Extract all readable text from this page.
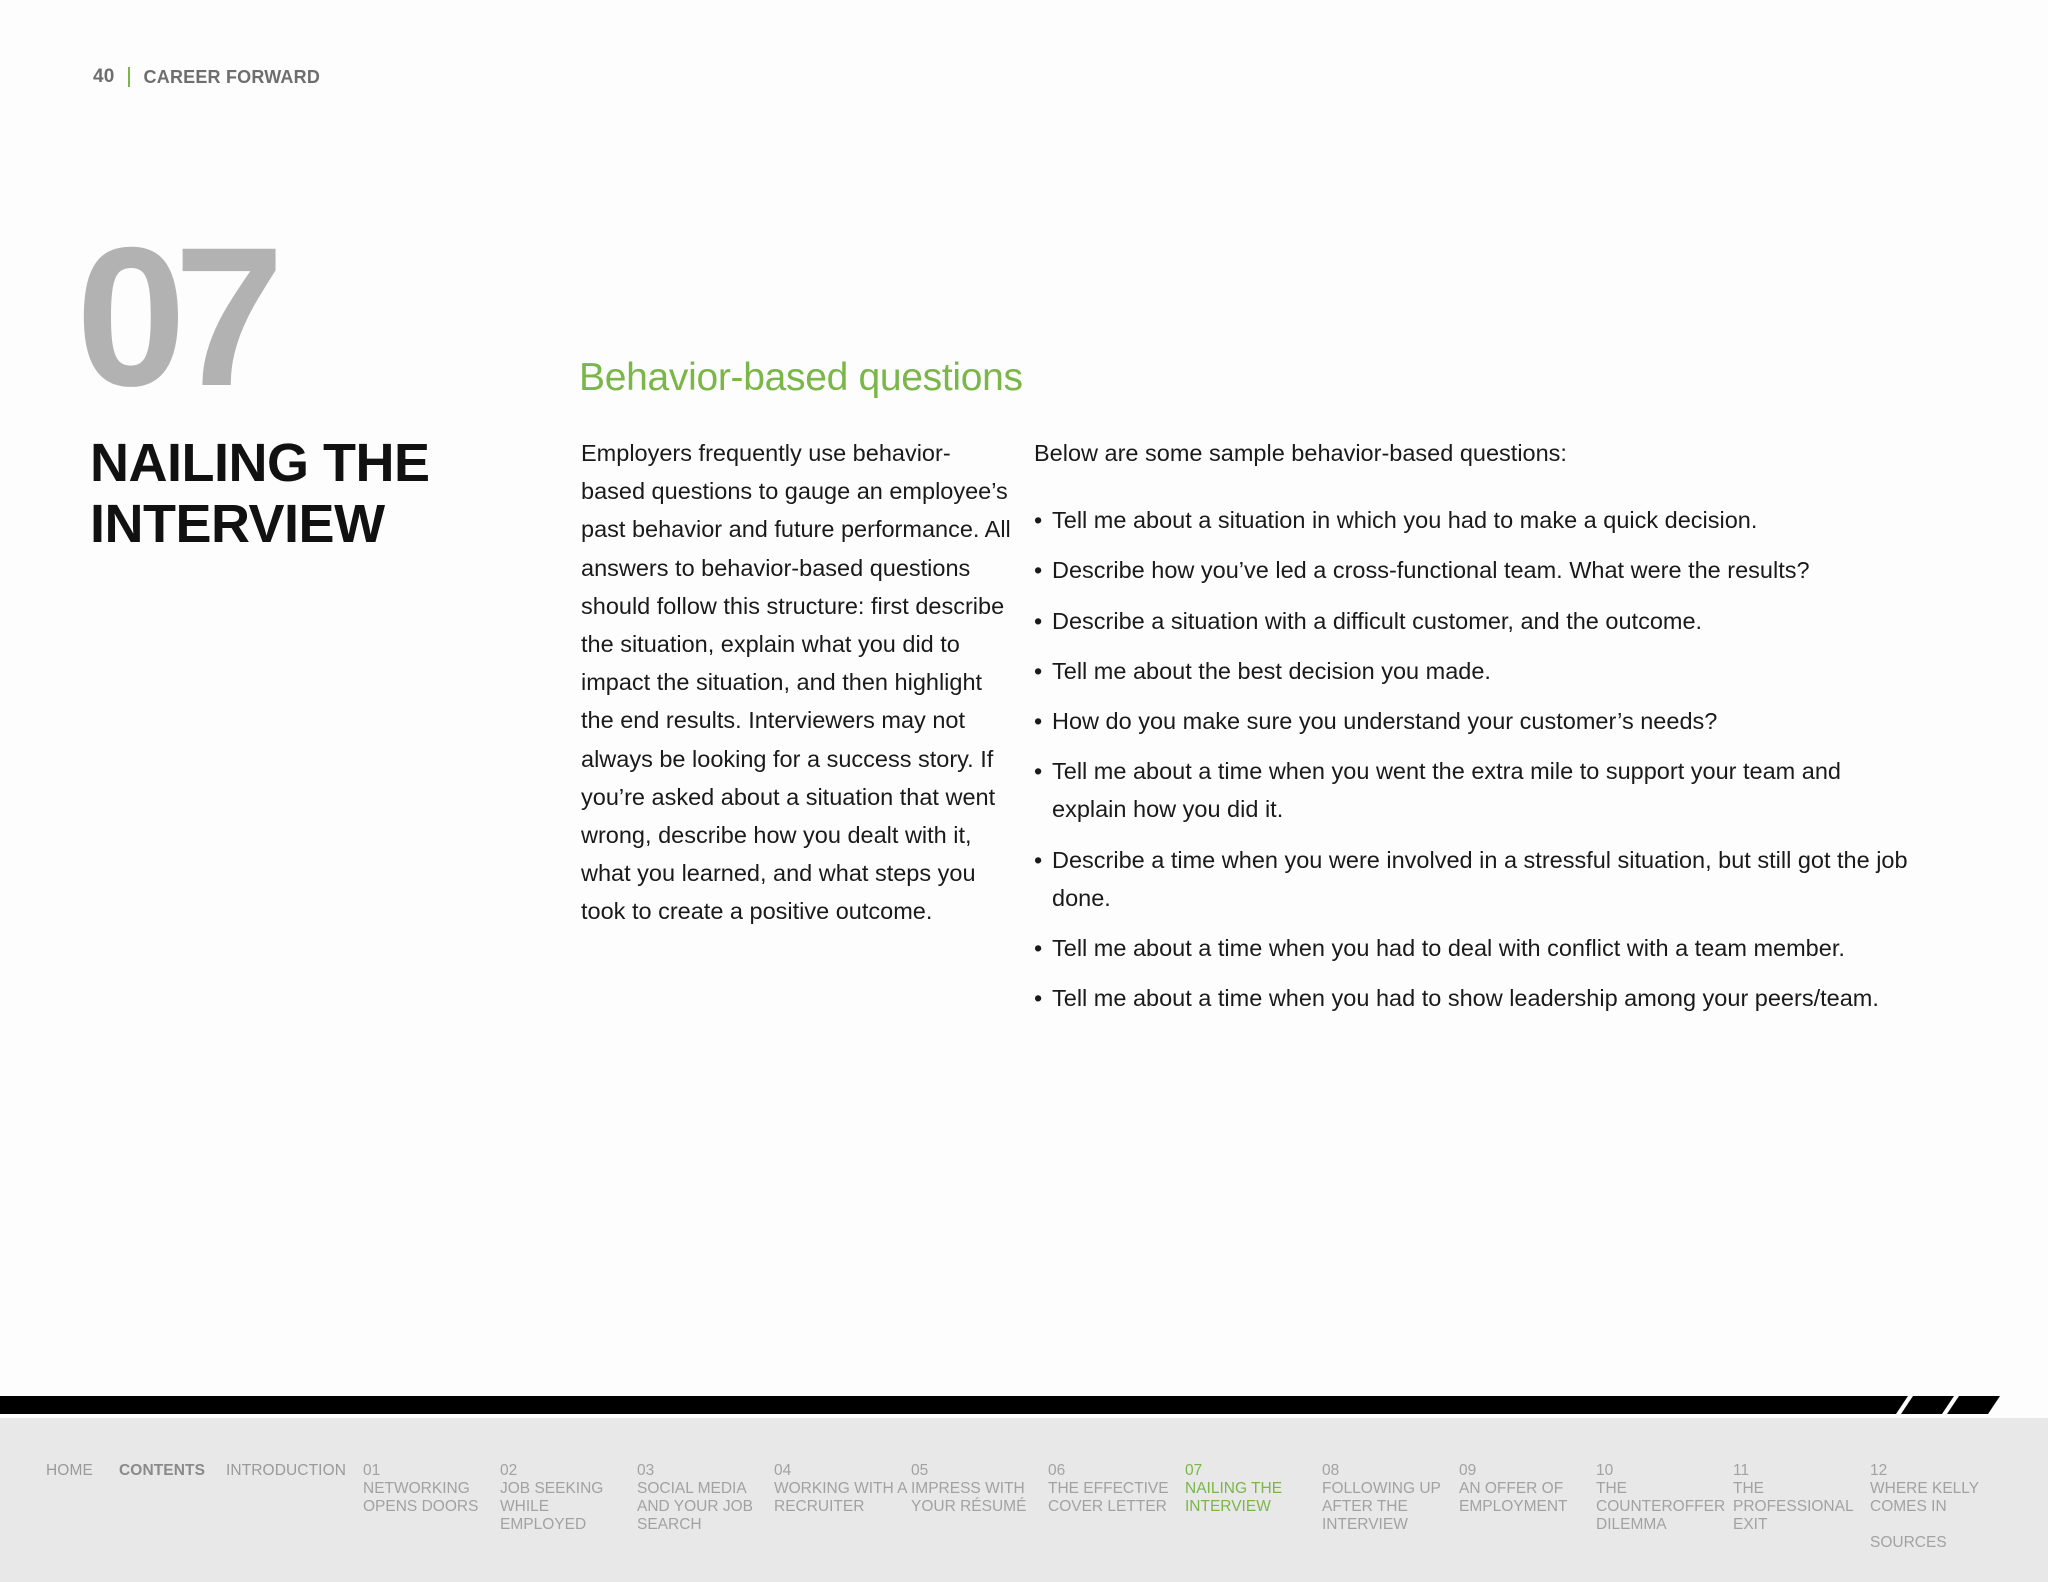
40 CAREER FORWARD
07
NAILING THE
INTERVIEW
Behavior-based questions

Employers frequently use behavior-based questions to gauge an employee’s past behavior and future performance. All answers to behavior-based questions should follow this structure: first describe the situation, explain what you did to impact the situation, and then highlight the end results. Interviewers may not always be looking for a success story. If you’re asked about a situation that went wrong, describe how you dealt with it, what you learned, and what steps you took to create a positive outcome.

Below are some sample behavior-based questions:

• Tell me about a situation in which you had to make a quick decision.
• Describe how you’ve led a cross-functional team. What were the results?
• Describe a situation with a difficult customer, and the outcome.
• Tell me about the best decision you made.
• How do you make sure you understand your customer’s needs?
• Tell me about a time when you went the extra mile to support your team and explain how you did it.
• Describe a time when you were involved in a stressful situation, but still got the job done.
• Tell me about a time when you had to deal with conflict with a team member.
• Tell me about a time when you had to show leadership among your peers/team.
HOME CONTENTS INTRODUCTION 01
NETWORKING OPENS DOORS
02
JOB SEEKING WHILE EMPLOYED
03
SOCIAL MEDIA AND YOUR JOB SEARCH
04
WORKING WITH A RECRUITER
05
IMPRESS WITH YOUR RÉSUMÉ
06
THE EFFECTIVE COVER LETTER
07
NAILING THE INTERVIEW
08
FOLLOWING UP AFTER THE INTERVIEW
09
AN OFFER OF EMPLOYMENT
10
THE COUNTEROFFER DILEMMA
11
THE PROFESSIONAL EXIT
12
WHERE KELLY COMES IN
SOURCES
